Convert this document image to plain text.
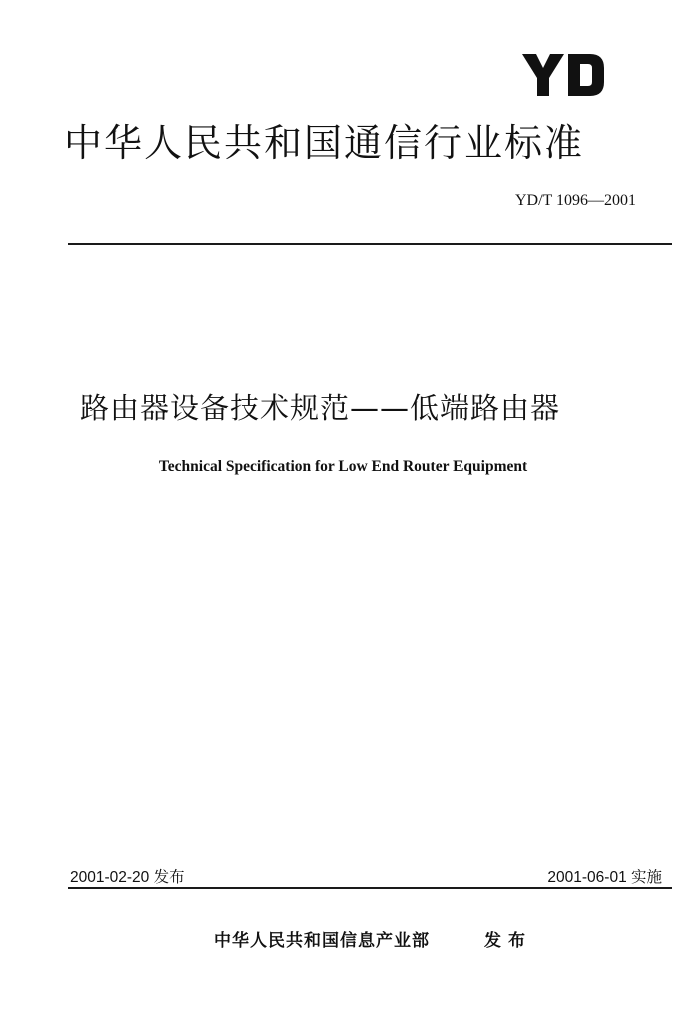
中华人民共和国通信行业标准
YD/T 1096—2001
路由器设备技术规范——低端路由器
Technical Specification for Low End Router Equipment
2001-02-20 发布	2001-06-01 实施
中华人民共和国信息产业部	发布
